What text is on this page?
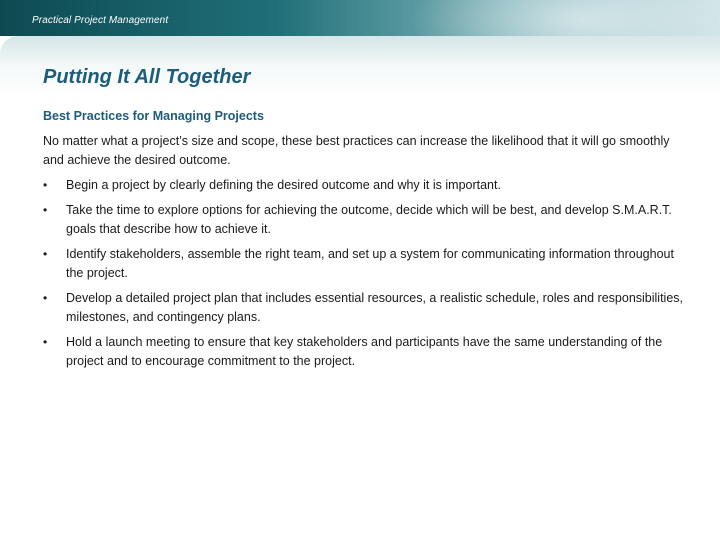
Practical Project Management
Putting It All Together
Best Practices for Managing Projects

No matter what a project’s size and scope, these best practices can increase the likelihood that it will go smoothly and achieve the desired outcome.

•	Begin a project by clearly defining the desired outcome and why it is important.
•	Take the time to explore options for achieving the outcome, decide which will be best, and develop S.M.A.R.T. goals that describe how to achieve it.
•	Identify stakeholders, assemble the right team, and set up a system for communicating information throughout the project.
•	Develop a detailed project plan that includes essential resources, a realistic schedule, roles and responsibilities, milestones, and contingency plans.
•	Hold a launch meeting to ensure that key stakeholders and participants have the same understanding of the project and to encourage commitment to the project.
